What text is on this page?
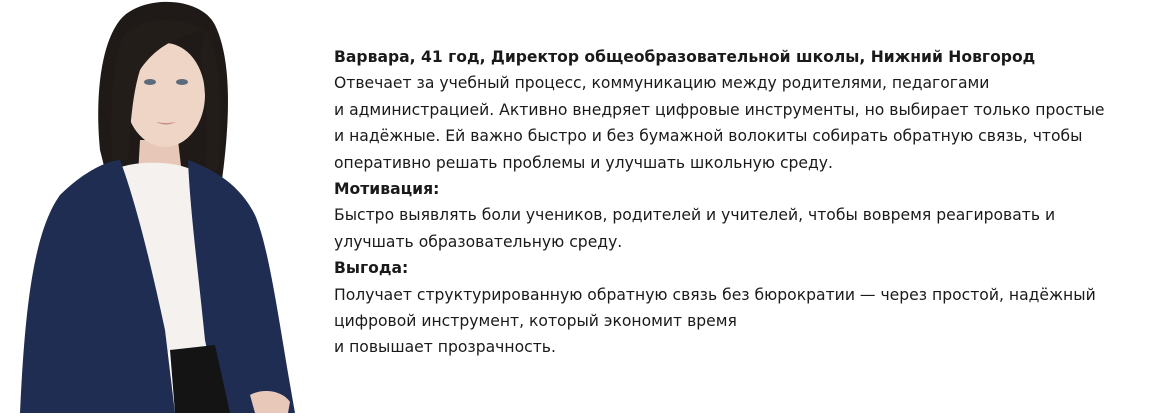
Варвара, 41 год, Директор общеобразовательной школы, Нижний Новгород
Отвечает за учебный процесс, коммуникацию между родителями, педагогами
и администрацией. Активно внедряет цифровые инструменты, но выбирает только простые
и надёжные. Ей важно быстро и без бумажной волокиты собирать обратную связь, чтобы
оперативно решать проблемы и улучшать школьную среду.
Мотивация:
Быстро выявлять боли учеников, родителей и учителей, чтобы вовремя реагировать и
улучшать образовательную среду.
Выгода:
Получает структурированную обратную связь без бюрократии — через простой, надёжный
цифровой инструмент, который экономит время
и повышает прозрачность.
